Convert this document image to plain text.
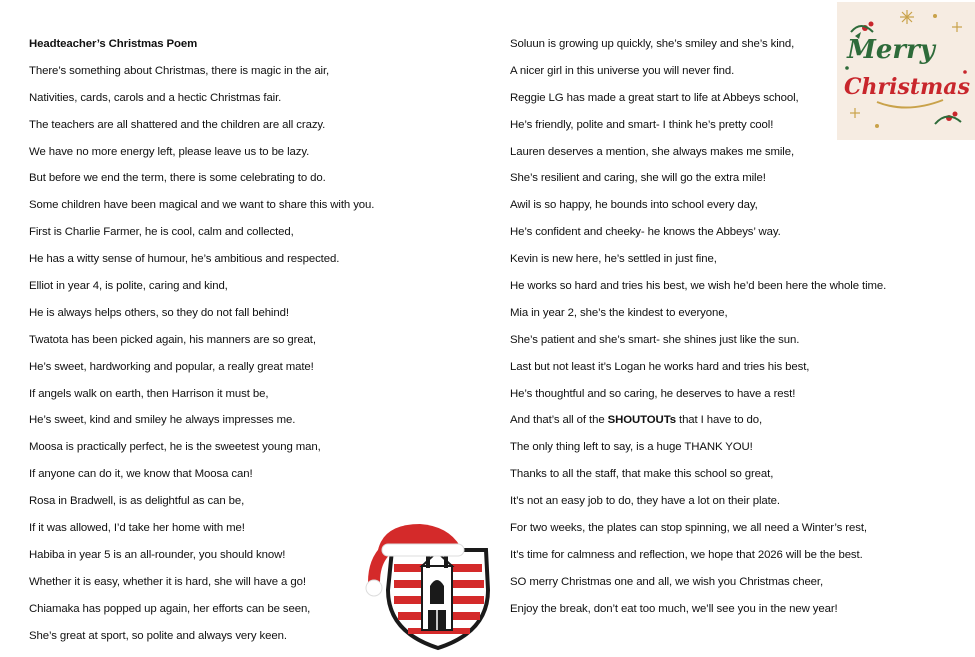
Headteacher’s Christmas Poem
There’s something about Christmas, there is magic in the air,
Nativities, cards, carols and a hectic Christmas fair.
The teachers are all shattered and the children are all crazy.
We have no more energy left, please leave us to be lazy.
But before we end the term, there is some celebrating to do.
Some children have been magical and we want to share this with you.
First is Charlie Farmer, he is cool, calm and collected,
He has a witty sense of humour, he’s ambitious and respected.
Elliot in year 4, is polite, caring and kind,
He is always helps others, so they do not fall behind!
Twatota has been picked again, his manners are so great,
He’s sweet, hardworking and popular, a really great mate!
If angels walk on earth, then Harrison it must be,
He’s sweet, kind and smiley he always impresses me.
Moosa is practically perfect, he is the sweetest young man,
If anyone can do it, we know that Moosa can!
Rosa in Bradwell, is as delightful as can be,
If it was allowed, I’d take her home with me!
Habiba in year 5 is an all-rounder, you should know!
Whether it is easy, whether it is hard, she will have a go!
Chiamaka has popped up again, her efforts can be seen,
She’s great at sport, so polite and always very keen.
Soluun is growing up quickly, she’s smiley and she’s kind,
A nicer girl in this universe you will never find.
Reggie LG has made a great start to life at Abbeys school,
He’s friendly, polite and smart- I think he’s pretty cool!
Lauren deserves a mention, she always makes me smile,
She’s resilient and caring, she will go the extra mile!
Awil is so happy, he bounds into school every day,
He’s confident and cheeky- he knows the Abbeys’ way.
Kevin is new here, he’s settled in just fine,
He works so hard and tries his best, we wish he’d been here the whole time.
Mia in year 2, she’s the kindest to everyone,
She’s patient and she’s smart- she shines just like the sun.
Last but not least it’s Logan he works hard and tries his best,
He’s thoughtful and so caring, he deserves to have a rest!
And that’s all of the SHOUTOUTs that I have to do,
The only thing left to say, is a huge THANK YOU!
Thanks to all the staff, that make this school so great,
It’s not an easy job to do, they have a lot on their plate.
For two weeks, the plates can stop spinning, we all need a Winter’s rest,
It’s time for calmness and reflection, we hope that 2026 will be the best.
SO merry Christmas one and all, we wish you Christmas cheer,
Enjoy the break, don’t eat too much, we’ll see you in the new year!
Merry
Christmas
